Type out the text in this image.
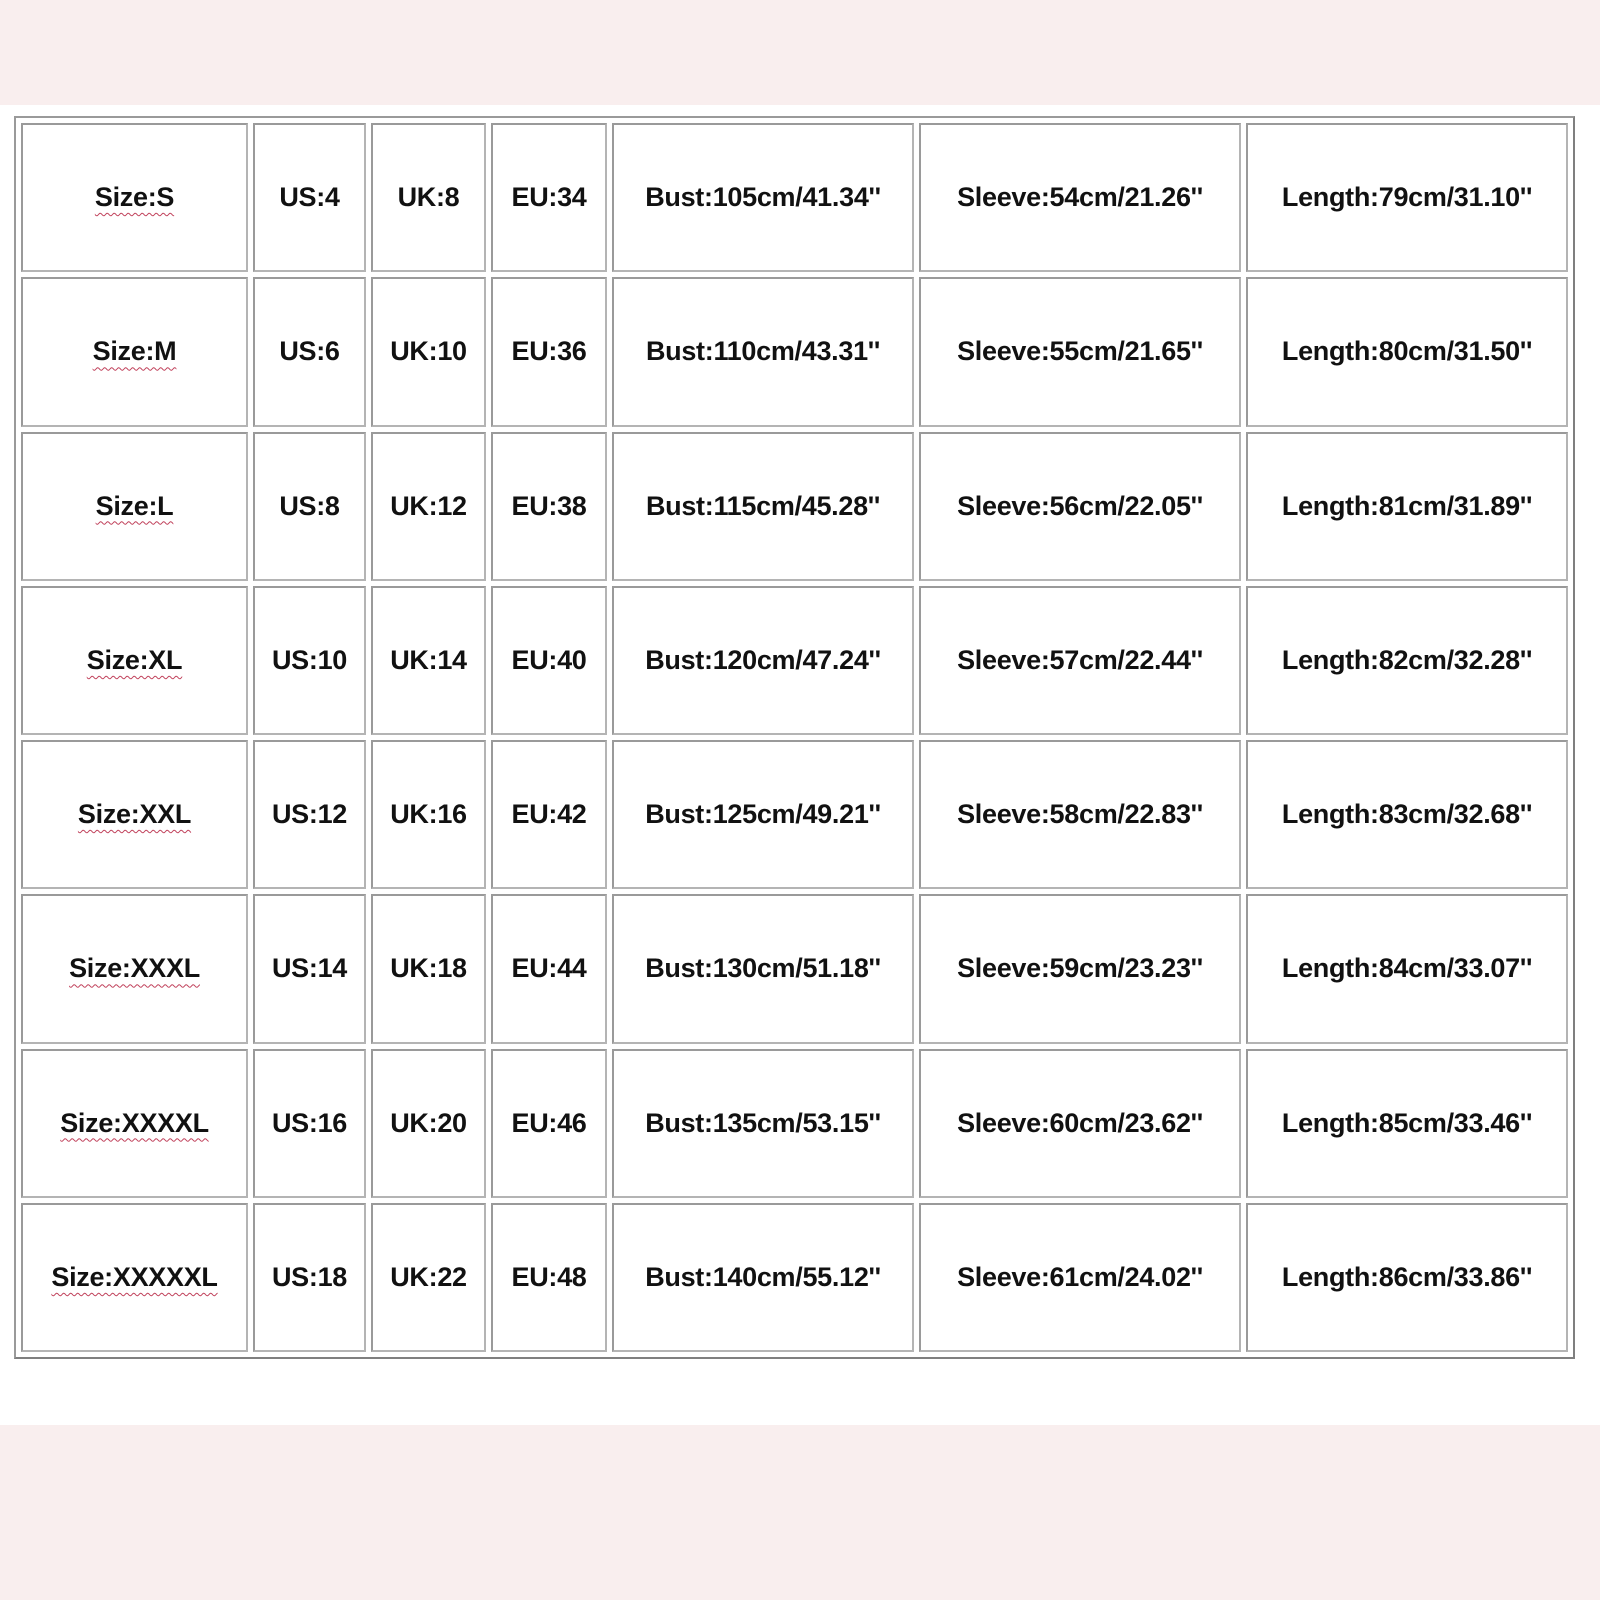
Size:S	US:4	UK:8	EU:34	Bust:105cm/41.34''	Sleeve:54cm/21.26''	Length:79cm/31.10''
Size:M	US:6	UK:10	EU:36	Bust:110cm/43.31''	Sleeve:55cm/21.65''	Length:80cm/31.50''
Size:L	US:8	UK:12	EU:38	Bust:115cm/45.28''	Sleeve:56cm/22.05''	Length:81cm/31.89''
Size:XL	US:10	UK:14	EU:40	Bust:120cm/47.24''	Sleeve:57cm/22.44''	Length:82cm/32.28''
Size:XXL	US:12	UK:16	EU:42	Bust:125cm/49.21''	Sleeve:58cm/22.83''	Length:83cm/32.68''
Size:XXXL	US:14	UK:18	EU:44	Bust:130cm/51.18''	Sleeve:59cm/23.23''	Length:84cm/33.07''
Size:XXXXL	US:16	UK:20	EU:46	Bust:135cm/53.15''	Sleeve:60cm/23.62''	Length:85cm/33.46''
Size:XXXXXL	US:18	UK:22	EU:48	Bust:140cm/55.12''	Sleeve:61cm/24.02''	Length:86cm/33.86''
